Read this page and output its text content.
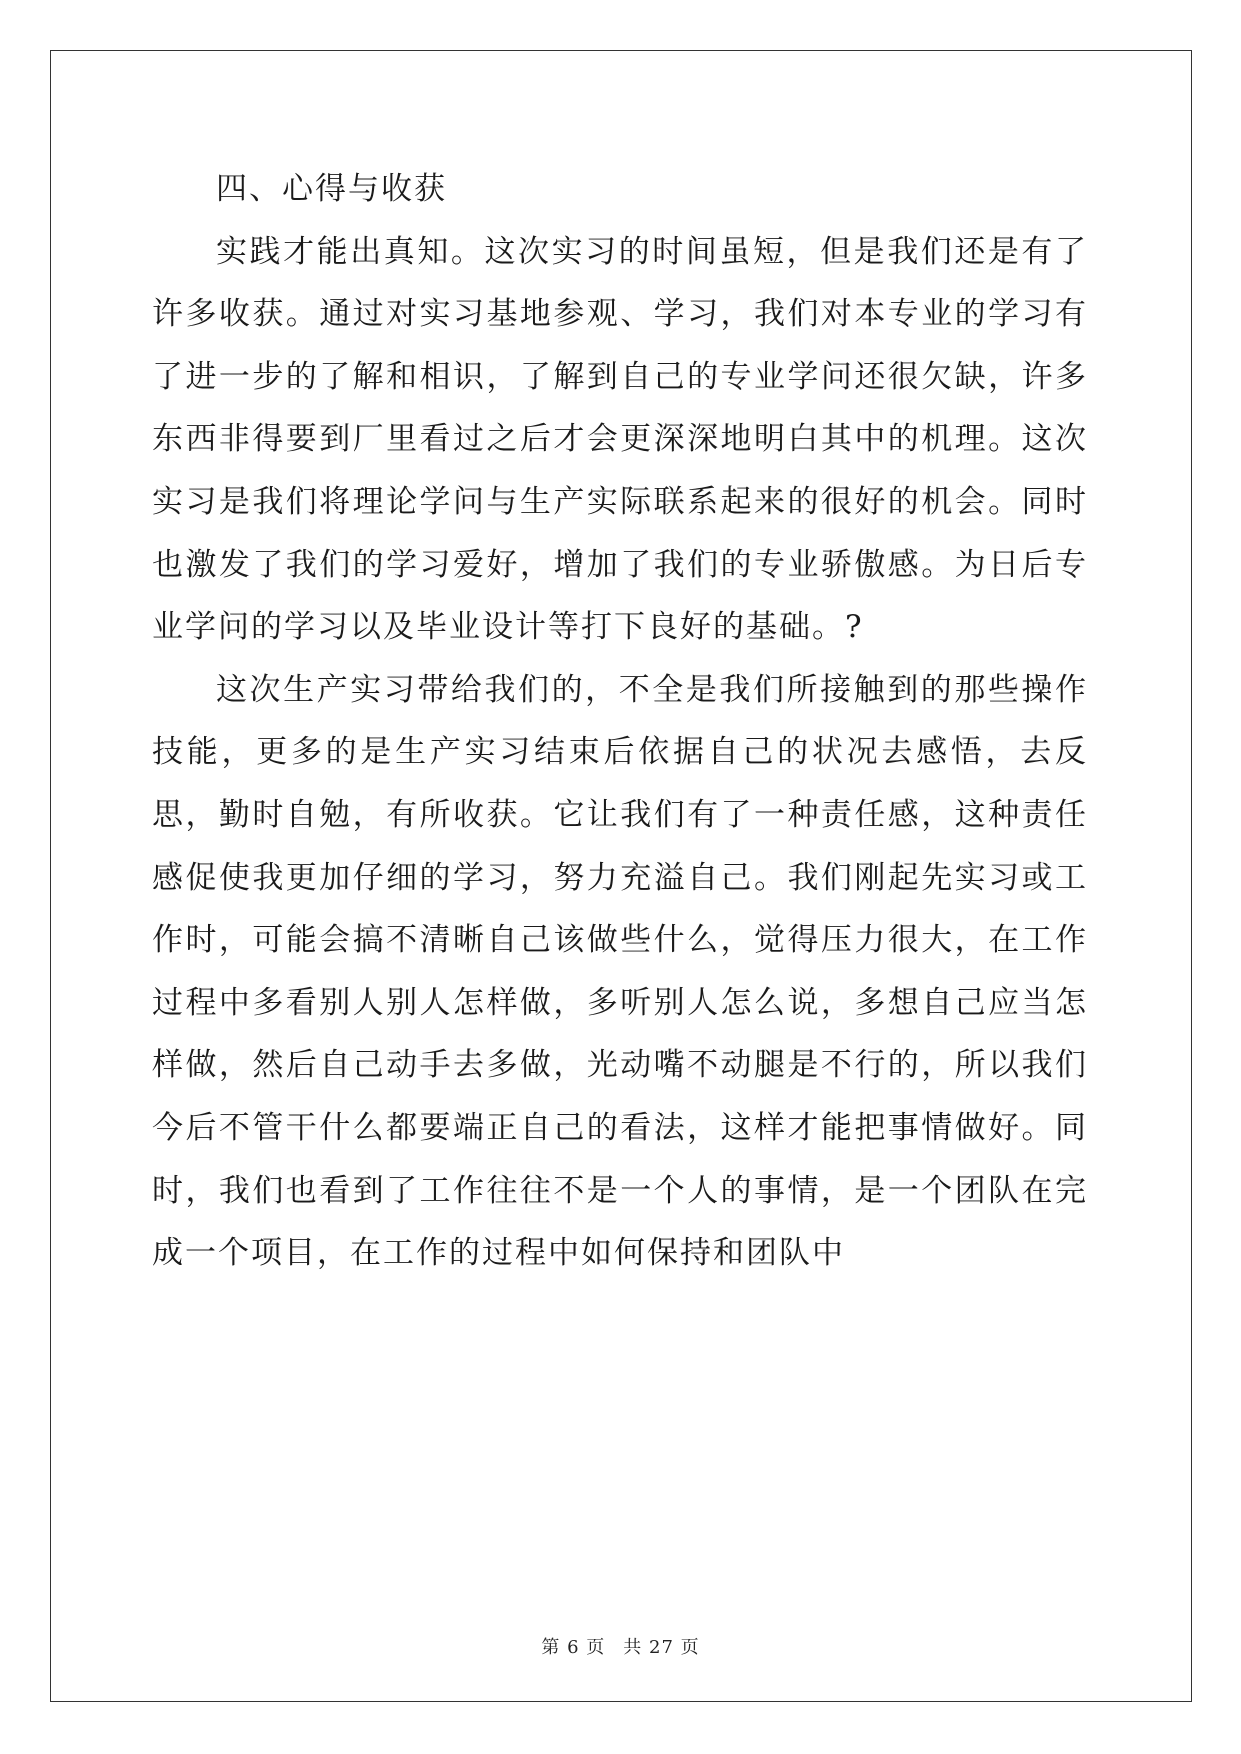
四、心得与收获

实践才能出真知。这次实习的时间虽短，但是我们还是有了许多收获。通过对实习基地参观、学习，我们对本专业的学习有了进一步的了解和相识，了解到自己的专业学问还很欠缺，许多东西非得要到厂里看过之后才会更深深地明白其中的机理。这次实习是我们将理论学问与生产实际联系起来的很好的机会。同时也激发了我们的学习爱好，增加了我们的专业骄傲感。为日后专业学问的学习以及毕业设计等打下良好的基础。?

这次生产实习带给我们的，不全是我们所接触到的那些操作技能，更多的是生产实习结束后依据自己的状况去感悟，去反思，勤时自勉，有所收获。它让我们有了一种责任感，这种责任感促使我更加仔细的学习，努力充溢自己。我们刚起先实习或工作时，可能会搞不清晰自己该做些什么，觉得压力很大，在工作过程中多看别人别人怎样做，多听别人怎么说，多想自己应当怎样做，然后自己动手去多做，光动嘴不动腿是不行的，所以我们今后不管干什么都要端正自己的看法，这样才能把事情做好。同时，我们也看到了工作往往不是一个人的事情，是一个团队在完成一个项目，在工作的过程中如何保持和团队中

第 6 页 共 27 页
